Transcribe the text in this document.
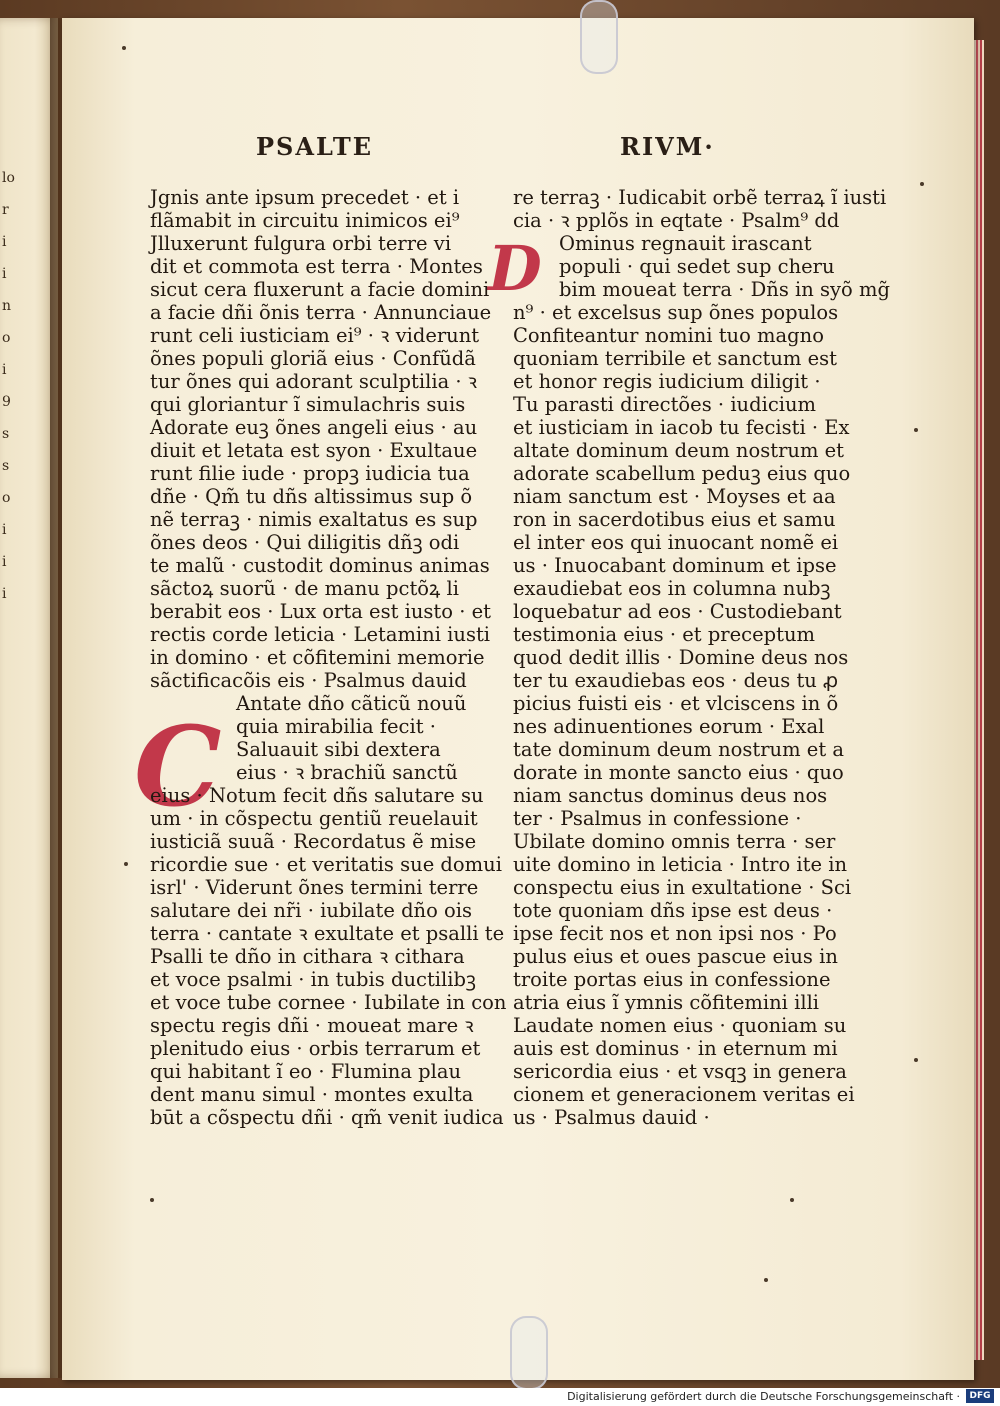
lo
r
i
i
n
o
i
9
s
s
o
i
i
i
PSALTE	RIVM·
D
C
Jgnis ante ipsum precedet · et i
flãmabit in circuitu inimicos ei⁹
Jlluxerunt fulgura orbi terre vi
dit et commota est terra · Montes
sicut cera fluxerunt a facie domini
a facie dñi õnis terra · Annunciaue
runt celi iusticiam ei⁹ · ꝛ viderunt
õnes populi gloriã eius · Confũdã
tur õnes qui adorant sculptilia · ꝛ
qui gloriantur ĩ simulachris suis
Adorate euꝫ õnes angeli eius · au
diuit et letata est syon · Exultaue
runt filie iude · propꝫ iudicia tua
dñe · Qm̃ tu dñs altissimus sup õ
nẽ terraꝫ · nimis exaltatus es sup
õnes deos · Qui diligitis dñꝫ odi
te malũ · custodit dominus animas
sãctoꝝ suorũ · de manu pctõꝝ li
berabit eos · Lux orta est iusto · et
rectis corde leticia · Letamini iusti
in domino · et cõfitemini memorie
sãctificacõis eis · Psalmus dauid
Antate dño cãticũ nouũ
quia mirabilia fecit ·
Saluauit sibi dextera
eius · ꝛ brachiũ sanctũ
eius · Notum fecit dñs salutare su
um · in cõspectu gentiũ reuelauit
iusticiã suuã · Recordatus ẽ mise
ricordie sue · et veritatis sue domui
isrl' · Viderunt õnes termini terre
salutare dei nr̃i · iubilate dño ois
terra · cantate ꝛ exultate et psalli te
Psalli te dño in cithara ꝛ cithara
et voce psalmi · in tubis ductilibꝫ
et voce tube cornee · Iubilate in con
spectu regis dñi · moueat mare ꝛ
plenitudo eius · orbis terrarum et
qui habitant ĩ eo · Flumina plau
dent manu simul · montes exulta
būt a cõspectu dñi · qm̃ venit iudica
re terraꝫ · Iudicabit orbẽ terraꝝ ĩ iusti
cia · ꝛ pplõs in eqtate · Psalm⁹ dd
Ominus regnauit irascant
populi · qui sedet sup cheru
bim moueat terra · Dñs in syõ mg̃
n⁹ · et excelsus sup õnes populos
Confiteantur nomini tuo magno
quoniam terribile et sanctum est
et honor regis iudicium diligit ·
Tu parasti directões · iudicium
et iusticiam in iacob tu fecisti · Ex
altate dominum deum nostrum et
adorate scabellum peduꝫ eius quo
niam sanctum est · Moyses et aa
ron in sacerdotibus eius et samu
el inter eos qui inuocant nomẽ ei
us · Inuocabant dominum et ipse
exaudiebat eos in columna nubꝫ
loquebatur ad eos · Custodiebant
testimonia eius · et preceptum
quod dedit illis · Domine deus nos
ter tu exaudiebas eos · deus tu ꝓ
picius fuisti eis · et vlciscens in õ
nes adinuentiones eorum · Exal
tate dominum deum nostrum et a
dorate in monte sancto eius · quo
niam sanctus dominus deus nos
ter · Psalmus in confessione ·
Ubilate domino omnis terra · ser
uite domino in leticia · Intro ite in
conspectu eius in exultatione · Sci
tote quoniam dñs ipse est deus ·
ipse fecit nos et non ipsi nos · Po
pulus eius et oues pascue eius in
troite portas eius in confessione
atria eius ĩ ymnis cõfitemini illi
Laudate nomen eius · quoniam su
auis est dominus · in eternum mi
sericordia eius · et vsqꝫ in genera
cionem et generacionem veritas ei
us · Psalmus dauid ·
Digitalisierung gefördert durch die Deutsche Forschungsgemeinschaft ·	DFG
